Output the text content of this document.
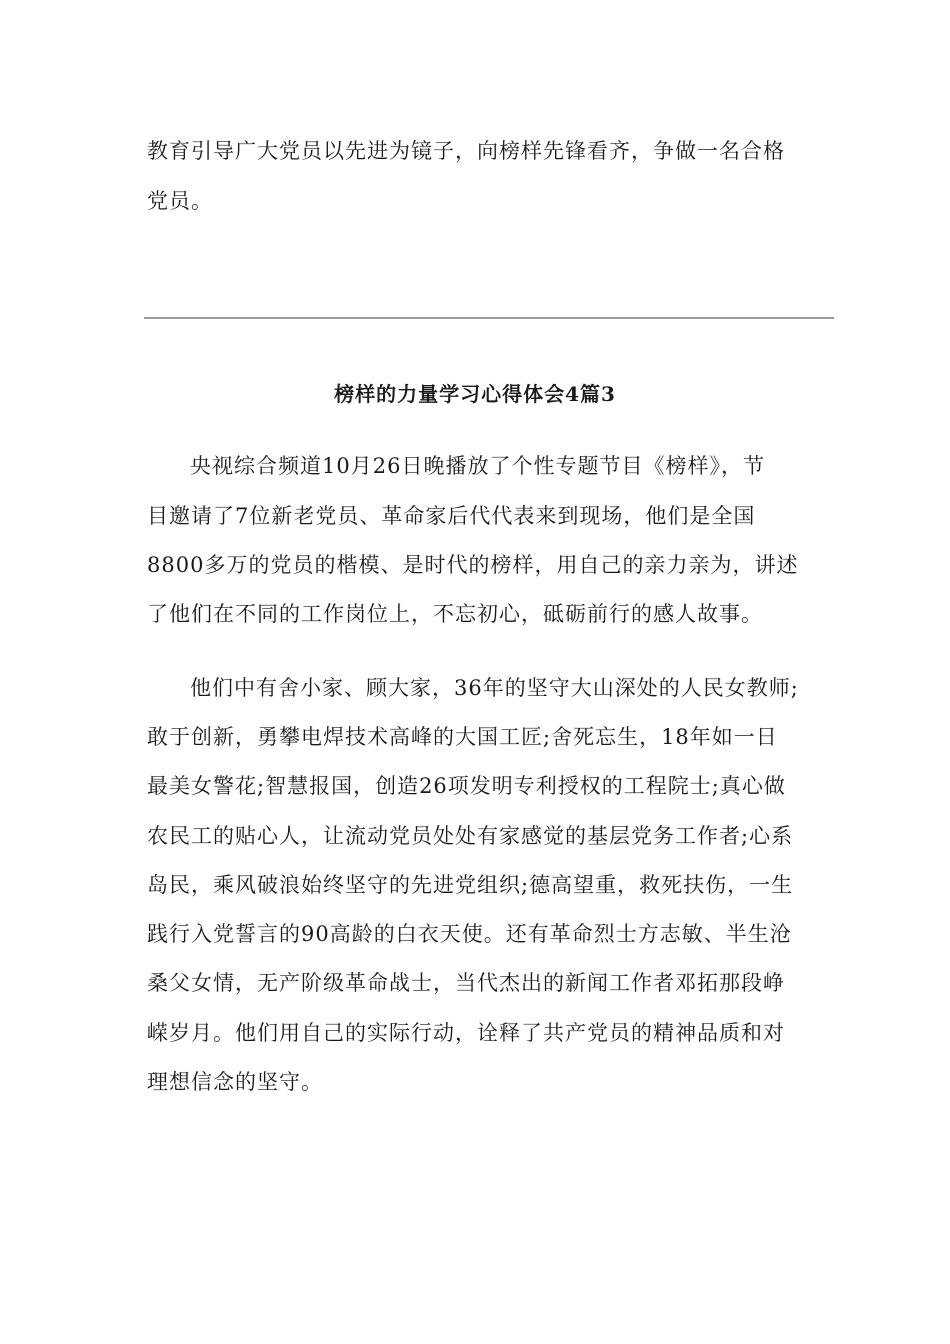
教育引导广大党员以先进为镜子，向榜样先锋看齐，争做一名合格
党员。
榜样的力量学习心得体会4篇3
央视综合频道10月26日晚播放了个性专题节目《榜样》，节
目邀请了7位新老党员、革命家后代代表来到现场，他们是全国
8800多万的党员的楷模、是时代的榜样，用自己的亲力亲为，讲述
了他们在不同的工作岗位上，不忘初心，砥砺前行的感人故事。
他们中有舍小家、顾大家，36年的坚守大山深处的人民女教师;
敢于创新，勇攀电焊技术高峰的大国工匠;舍死忘生，18年如一日
最美女警花;智慧报国，创造26项发明专利授权的工程院士;真心做
农民工的贴心人，让流动党员处处有家感觉的基层党务工作者;心系
岛民，乘风破浪始终坚守的先进党组织;德高望重，救死扶伤，一生
践行入党誓言的90高龄的白衣天使。还有革命烈士方志敏、半生沧
桑父女情，无产阶级革命战士，当代杰出的新闻工作者邓拓那段峥
嵘岁月。他们用自己的实际行动，诠释了共产党员的精神品质和对
理想信念的坚守。
